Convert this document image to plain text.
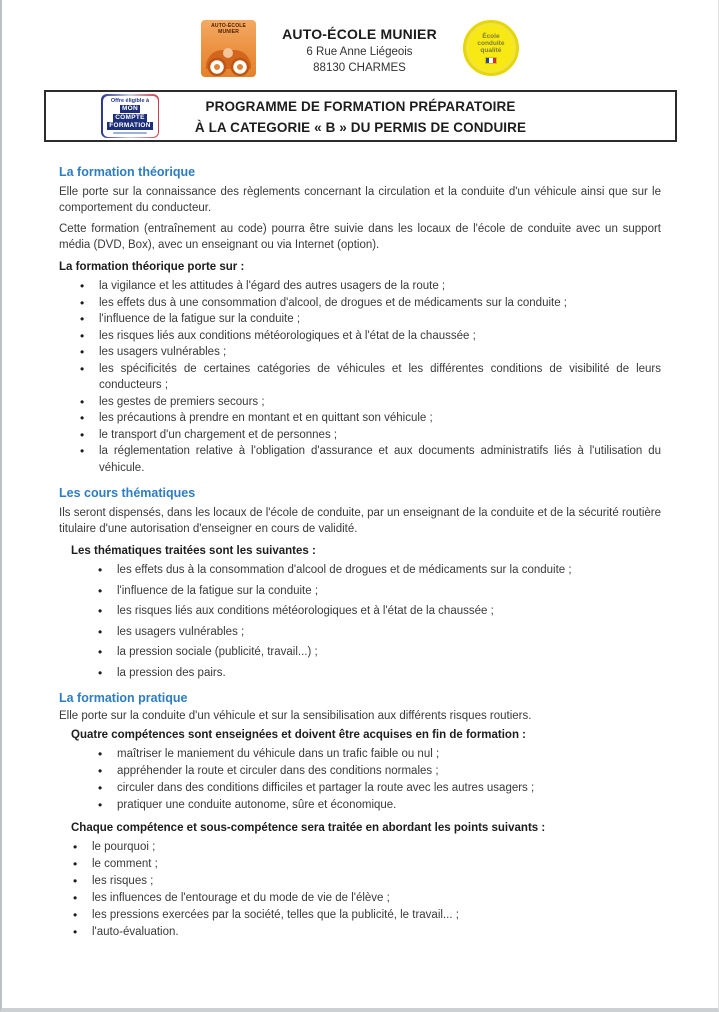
AUTO-ÉCOLE
MUNIER	AUTO-ÉCOLE MUNIER
6 Rue Anne Liégeois
88130 CHARMES
École
conduite
qualité
Offre éligible à
MON
COMPTE
FORMATION
PROGRAMME DE FORMATION PRÉPARATOIRE
À LA CATEGORIE « B » DU PERMIS DE CONDUIRE
La formation théorique

Elle porte sur la connaissance des règlements concernant la circulation et la conduite d'un véhicule ainsi que sur le comportement du conducteur.

Cette formation (entraînement au code) pourra être suivie dans les locaux de l'école de conduite avec un support média (DVD, Box), avec un enseignant ou via Internet (option).

La formation théorique porte sur :

• la vigilance et les attitudes à l'égard des autres usagers de la route ;
• les effets dus à une consommation d'alcool, de drogues et de médicaments sur la conduite ;
• l'influence de la fatigue sur la conduite ;
• les risques liés aux conditions météorologiques et à l'état de la chaussée ;
• les usagers vulnérables ;
• les spécificités de certaines catégories de véhicules et les différentes conditions de visibilité de leurs conducteurs ;
• les gestes de premiers secours ;
• les précautions à prendre en montant et en quittant son véhicule ;
• le transport d'un chargement et de personnes ;
• la réglementation relative à l'obligation d'assurance et aux documents administratifs liés à l'utilisation du véhicule.
Les cours thématiques

Ils seront dispensés, dans les locaux de l'école de conduite, par un enseignant de la conduite et de la sécurité routière titulaire d'une autorisation d'enseigner en cours de validité.

Les thématiques traitées sont les suivantes :

• les effets dus à la consommation d'alcool de drogues et de médicaments sur la conduite ;
• l'influence de la fatigue sur la conduite ;
• les risques liés aux conditions météorologiques et à l'état de la chaussée ;
• les usagers vulnérables ;
• la pression sociale (publicité, travail...) ;
• la pression des pairs.
La formation pratique

Elle porte sur la conduite d'un véhicule et sur la sensibilisation aux différents risques routiers.

Quatre compétences sont enseignées et doivent être acquises en fin de formation :

• maîtriser le maniement du véhicule dans un trafic faible ou nul ;
• appréhender la route et circuler dans des conditions normales ;
• circuler dans des conditions difficiles et partager la route avec les autres usagers ;
• pratiquer une conduite autonome, sûre et économique.

Chaque compétence et sous-compétence sera traitée en abordant les points suivants :

• le pourquoi ;
• le comment ;
• les risques ;
• les influences de l'entourage et du mode de vie de l'élève ;
• les pressions exercées par la société, telles que la publicité, le travail... ;
• l'auto-évaluation.
